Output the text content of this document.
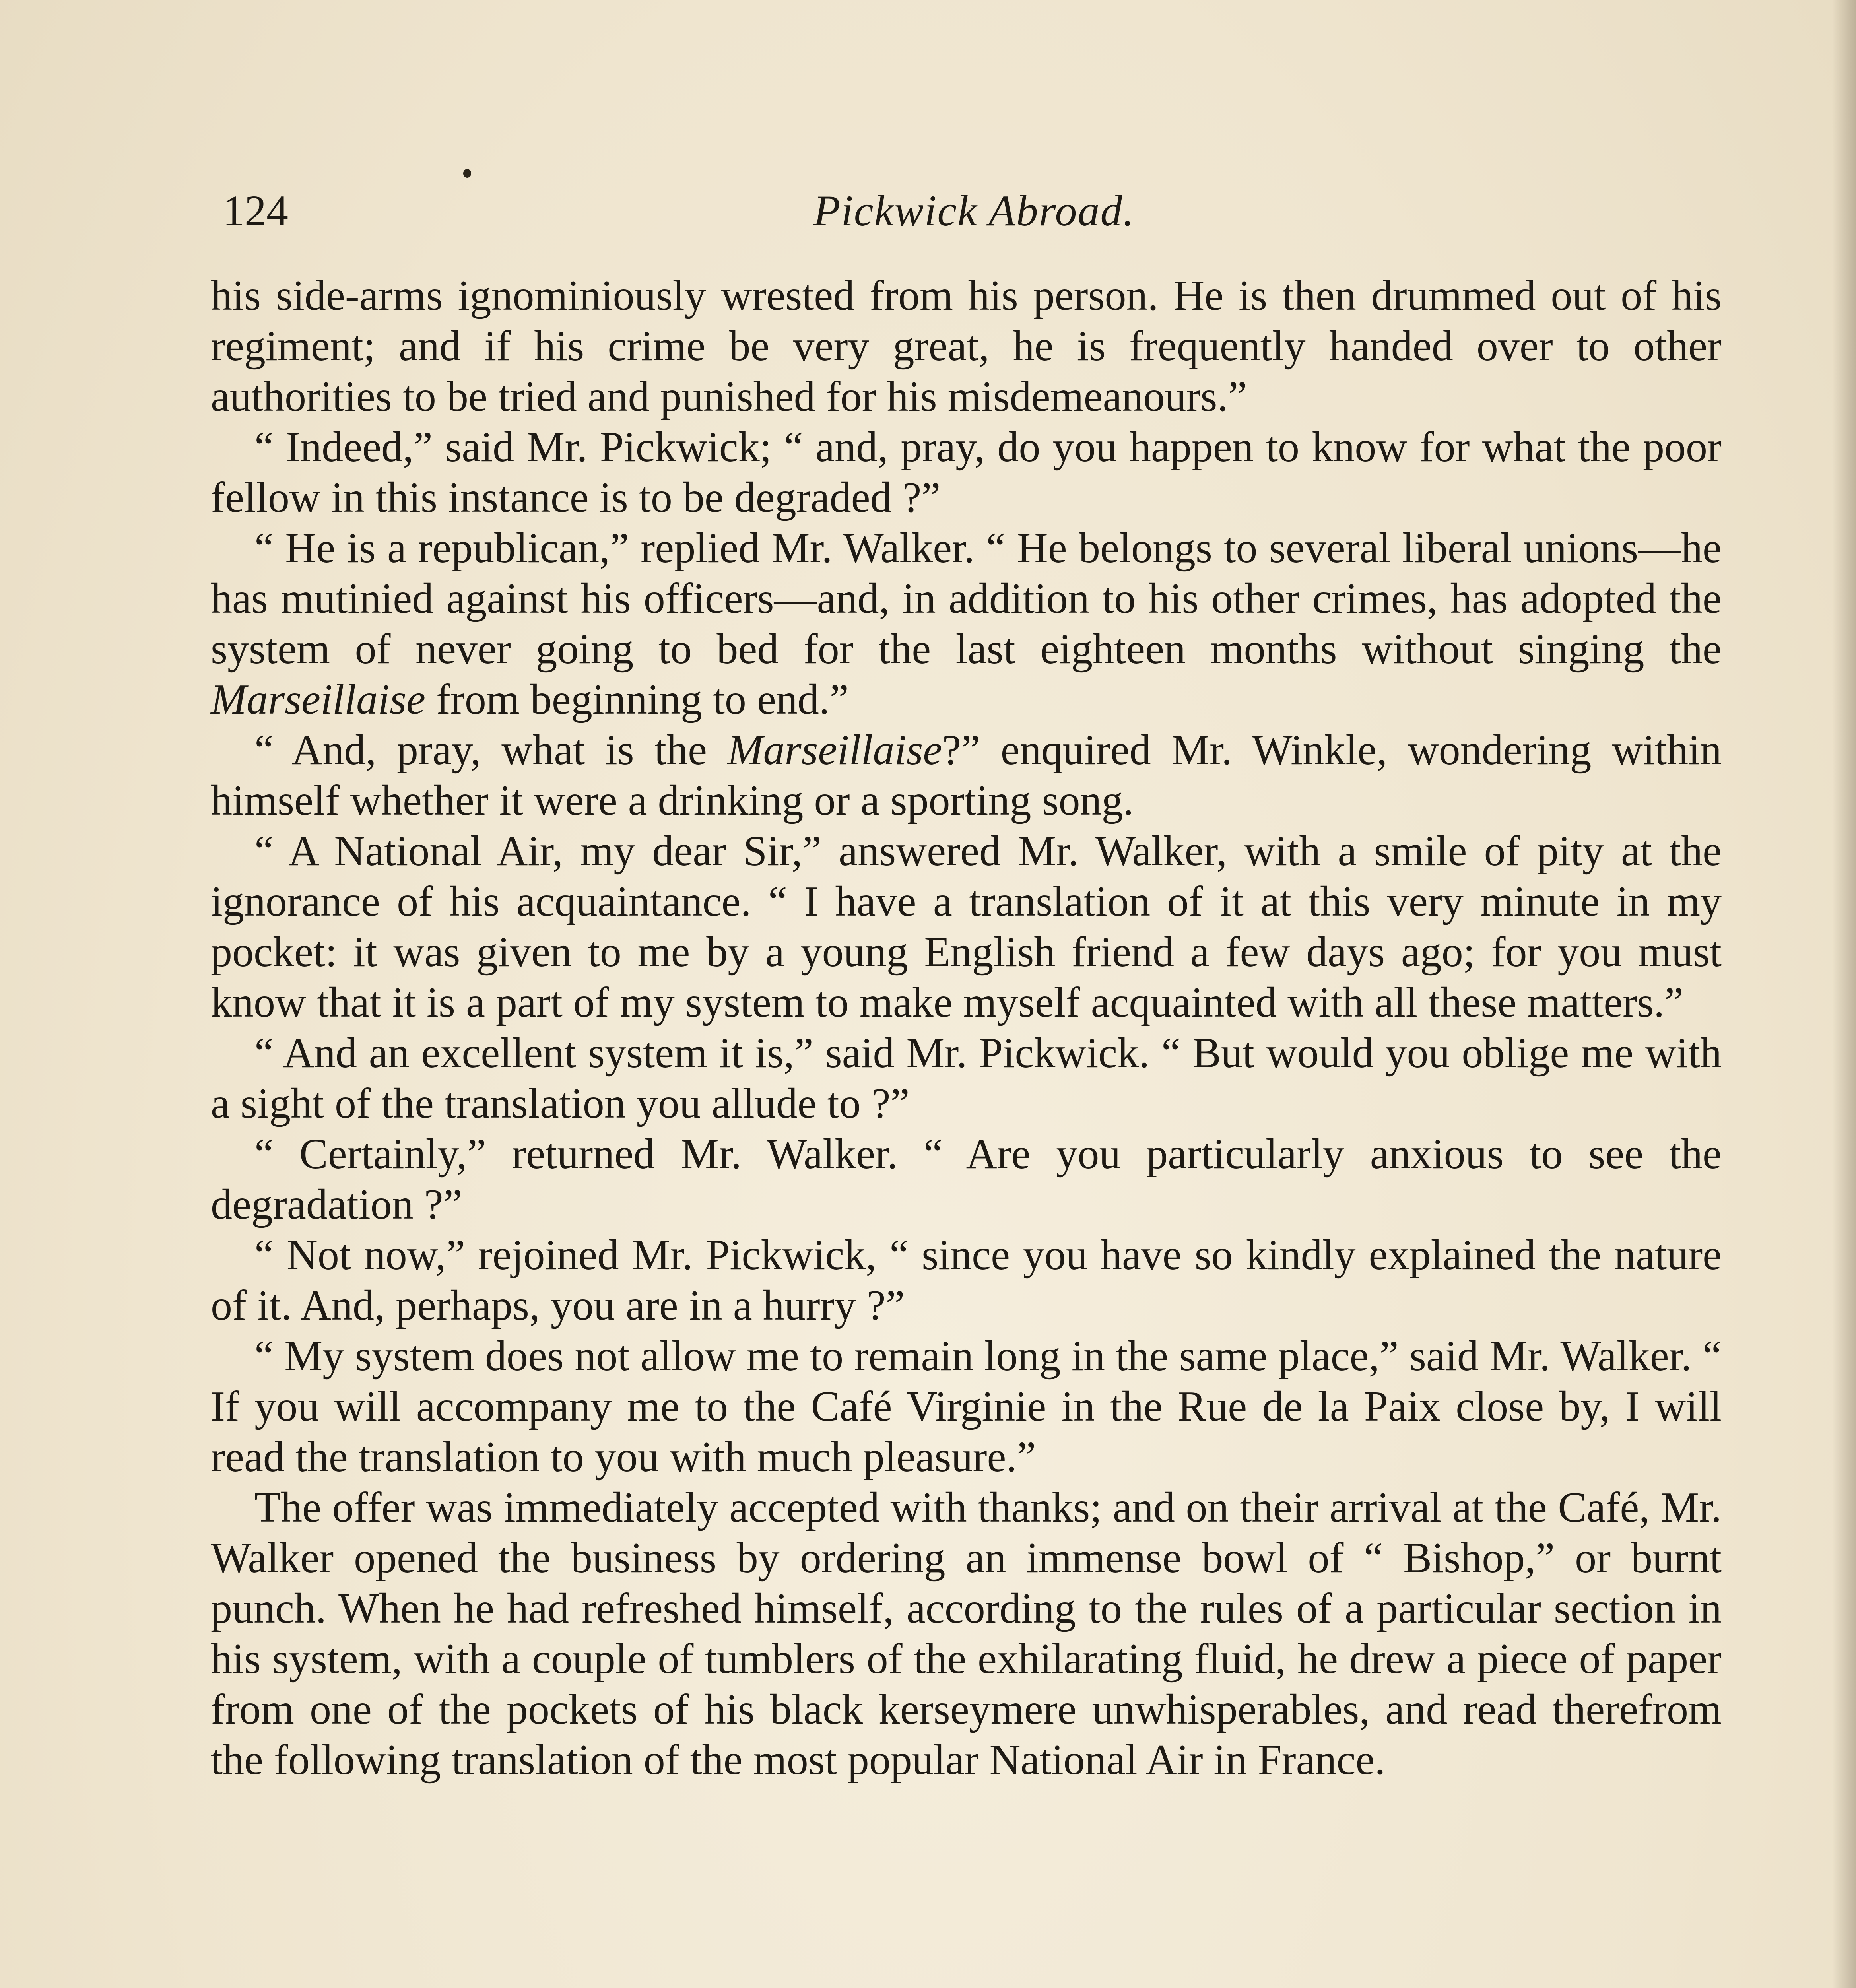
124	Pickwick Abroad.

his side-arms ignominiously wrested from his person. He is then drummed out of his regiment; and if his crime be very great, he is frequently handed over to other authorities to be tried and punished for his misdemeanours.”

“ Indeed,” said Mr. Pickwick; “ and, pray, do you happen to know for what the poor fellow in this instance is to be degraded ?”

“ He is a republican,” replied Mr. Walker. “ He belongs to several liberal unions—he has mutinied against his officers—and, in addition to his other crimes, has adopted the system of never going to bed for the last eighteen months without singing the Marseillaise from beginning to end.”

“ And, pray, what is the Marseillaise?” enquired Mr. Winkle, wondering within himself whether it were a drinking or a sporting song.

“ A National Air, my dear Sir,” answered Mr. Walker, with a smile of pity at the ignorance of his acquaintance. “ I have a translation of it at this very minute in my pocket: it was given to me by a young English friend a few days ago; for you must know that it is a part of my system to make myself acquainted with all these matters.”

“ And an excellent system it is,” said Mr. Pickwick. “ But would you oblige me with a sight of the translation you allude to ?”

“ Certainly,” returned Mr. Walker. “ Are you particularly anxious to see the degradation ?”

“ Not now,” rejoined Mr. Pickwick, “ since you have so kindly explained the nature of it. And, perhaps, you are in a hurry ?”

“ My system does not allow me to remain long in the same place,” said Mr. Walker. “ If you will accompany me to the Café Virginie in the Rue de la Paix close by, I will read the translation to you with much pleasure.”

The offer was immediately accepted with thanks; and on their arrival at the Café, Mr. Walker opened the business by ordering an immense bowl of “ Bishop,” or burnt punch. When he had refreshed himself, according to the rules of a particular section in his system, with a couple of tumblers of the exhilarating fluid, he drew a piece of paper from one of the pockets of his black kerseymere unwhisperables, and read therefrom the following translation of the most popular National Air in France.
